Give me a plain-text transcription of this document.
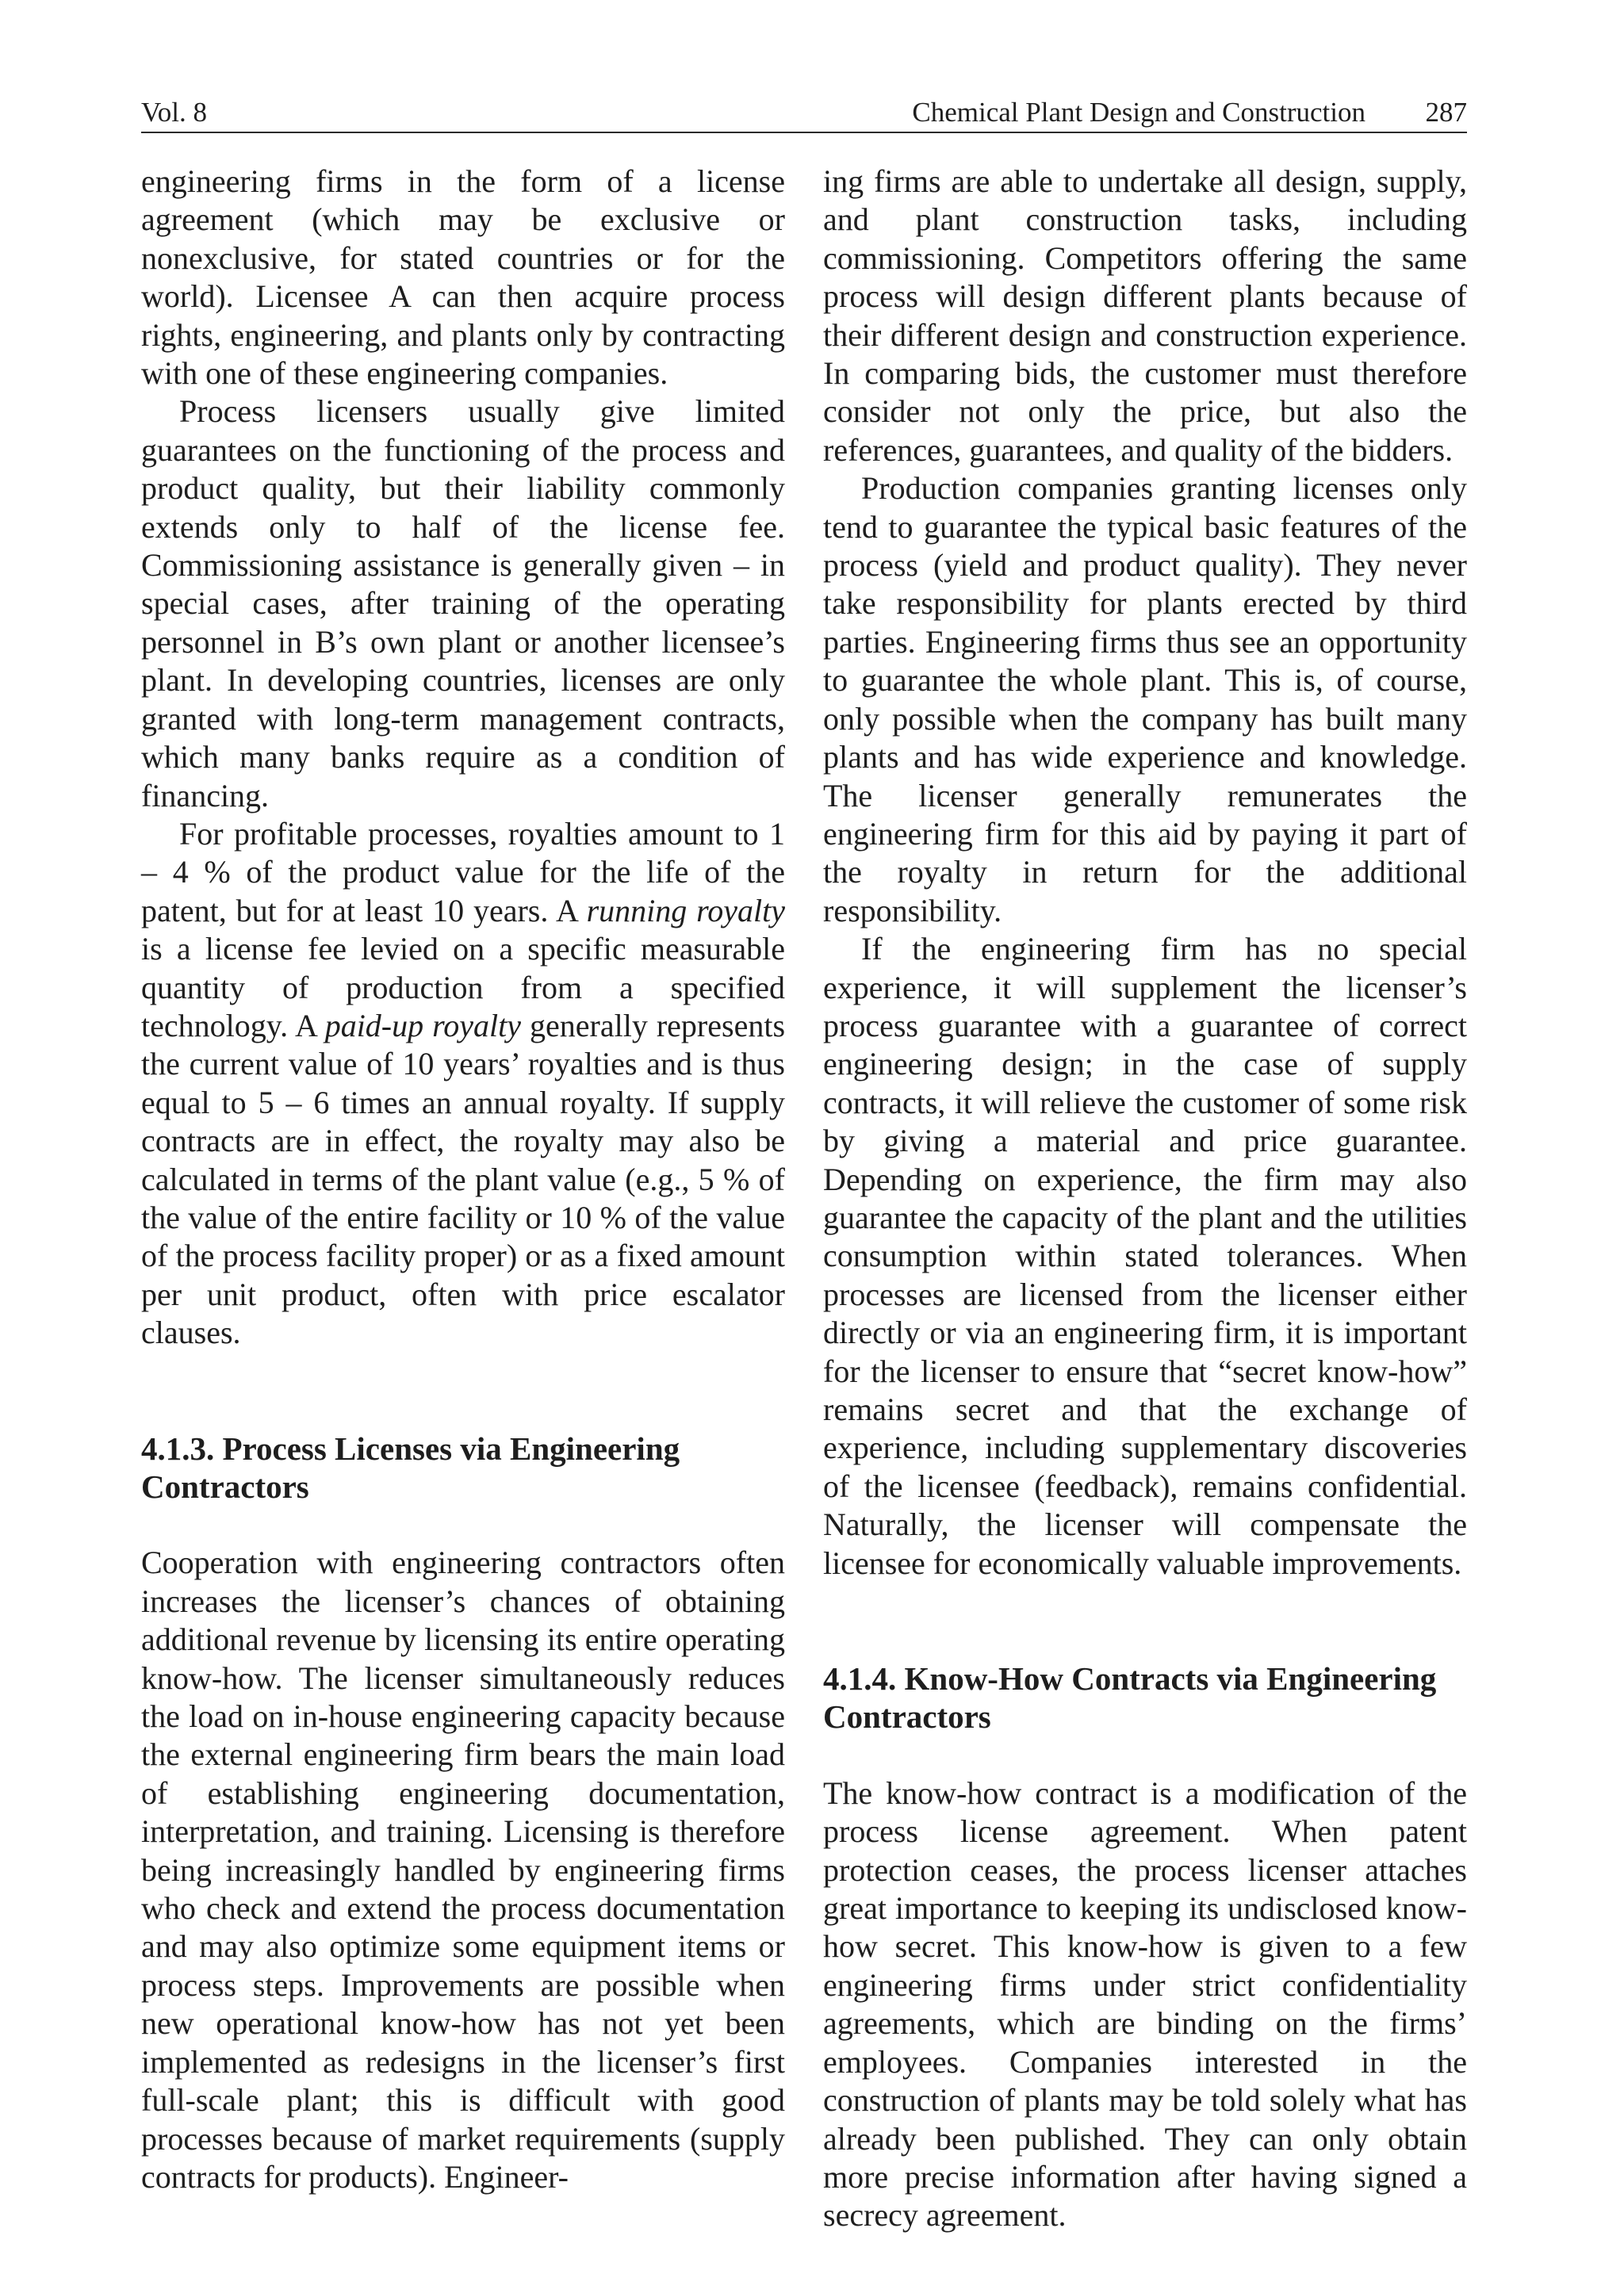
Vol. 8	Chemical Plant Design and Construction 287

engineering firms in the form of a license agreement (which may be exclusive or nonexclusive, for stated countries or for the world). Licensee A can then acquire process rights, engineering, and plants only by contracting with one of these engineering companies.

Process licensers usually give limited guarantees on the functioning of the process and product quality, but their liability commonly extends only to half of the license fee. Commissioning assistance is generally given – in special cases, after training of the operating personnel in B’s own plant or another licensee’s plant. In developing countries, licenses are only granted with long-term management contracts, which many banks require as a condition of financing.

For profitable processes, royalties amount to 1 – 4 % of the product value for the life of the patent, but for at least 10 years. A running royalty is a license fee levied on a specific measurable quantity of production from a specified technology. A paid-up royalty generally represents the current value of 10 years’ royalties and is thus equal to 5 – 6 times an annual royalty. If supply contracts are in effect, the royalty may also be calculated in terms of the plant value (e.g., 5 % of the value of the entire facility or 10 % of the value of the process facility proper) or as a fixed amount per unit product, often with price escalator clauses.

4.1.3. Process Licenses via Engineering Contractors

Cooperation with engineering contractors often increases the licenser’s chances of obtaining additional revenue by licensing its entire operating know-how. The licenser simultaneously reduces the load on in-house engineering capacity because the external engineering firm bears the main load of establishing engineering documentation, interpretation, and training. Licensing is therefore being increasingly handled by engineering firms who check and extend the process documentation and may also optimize some equipment items or process steps. Improvements are possible when new operational know-how has not yet been implemented as redesigns in the licenser’s first full-scale plant; this is difficult with good processes because of market requirements (supply contracts for products). Engineer-

ing firms are able to undertake all design, supply, and plant construction tasks, including commissioning. Competitors offering the same process will design different plants because of their different design and construction experience. In comparing bids, the customer must therefore consider not only the price, but also the references, guarantees, and quality of the bidders.

Production companies granting licenses only tend to guarantee the typical basic features of the process (yield and product quality). They never take responsibility for plants erected by third parties. Engineering firms thus see an opportunity to guarantee the whole plant. This is, of course, only possible when the company has built many plants and has wide experience and knowledge. The licenser generally remunerates the engineering firm for this aid by paying it part of the royalty in return for the additional responsibility.

If the engineering firm has no special experience, it will supplement the licenser’s process guarantee with a guarantee of correct engineering design; in the case of supply contracts, it will relieve the customer of some risk by giving a material and price guarantee. Depending on experience, the firm may also guarantee the capacity of the plant and the utilities consumption within stated tolerances. When processes are licensed from the licenser either directly or via an engineering firm, it is important for the licenser to ensure that “secret know-how” remains secret and that the exchange of experience, including supplementary discoveries of the licensee (feedback), remains confidential. Naturally, the licenser will compensate the licensee for economically valuable improvements.

4.1.4. Know-How Contracts via Engineering Contractors

The know-how contract is a modification of the process license agreement. When patent protection ceases, the process licenser attaches great importance to keeping its undisclosed know-how secret. This know-how is given to a few engineering firms under strict confidentiality agreements, which are binding on the firms’ employees. Companies interested in the construction of plants may be told solely what has already been published. They can only obtain more precise information after having signed a secrecy agreement.
